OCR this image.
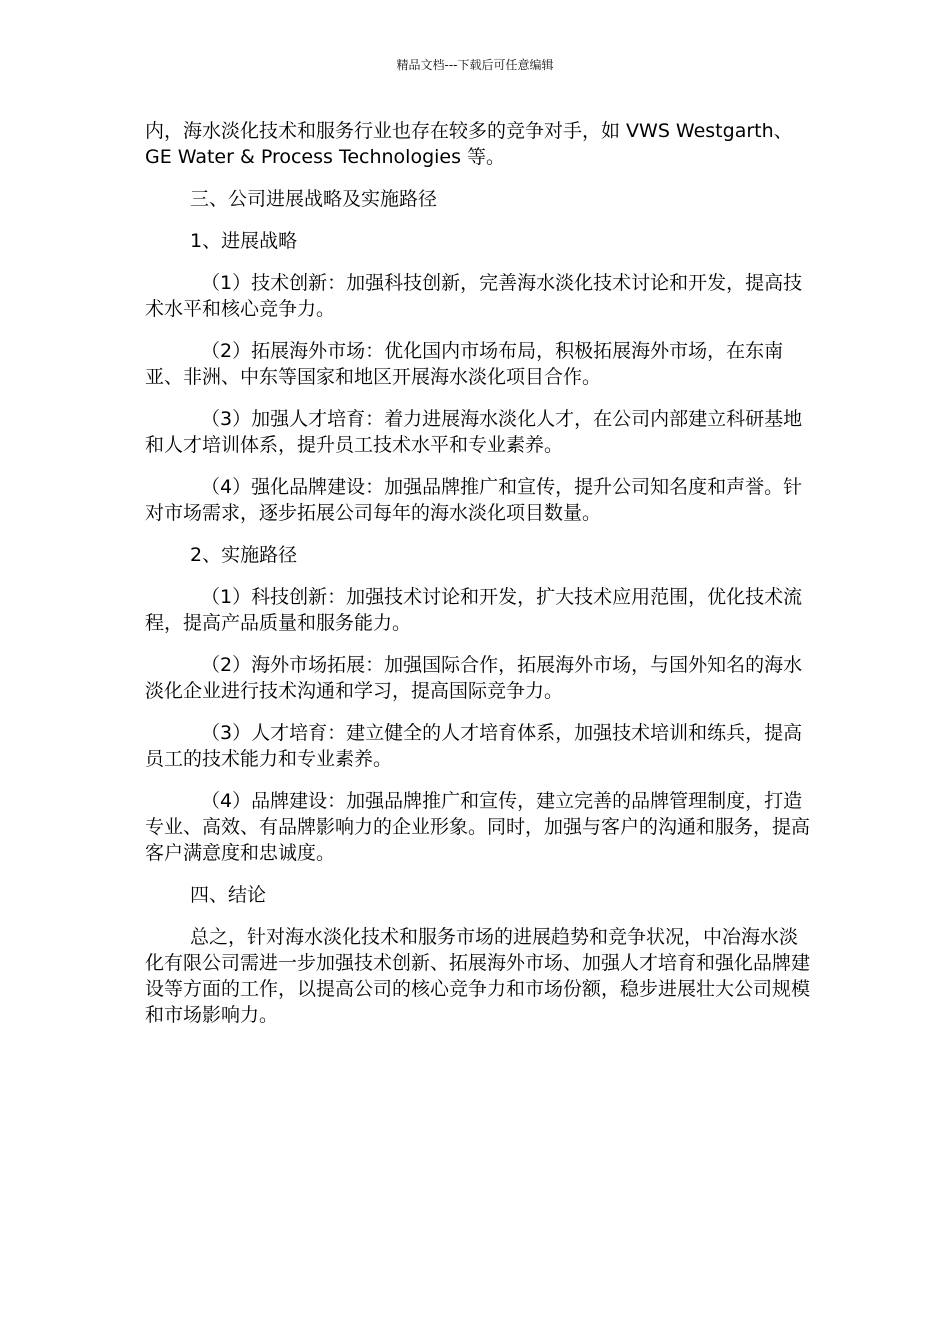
精品文档---下载后可任意编辑

内，海水淡化技术和服务行业也存在较多的竞争对手，如 VWS Westgarth、GE Water & Process Technologies 等。

三、公司进展战略及实施路径

1、进展战略

（1）技术创新：加强科技创新，完善海水淡化技术讨论和开发，提高技术水平和核心竞争力。

（2）拓展海外市场：优化国内市场布局，积极拓展海外市场，在东南亚、非洲、中东等国家和地区开展海水淡化项目合作。

（3）加强人才培育：着力进展海水淡化人才，在公司内部建立科研基地和人才培训体系，提升员工技术水平和专业素养。

（4）强化品牌建设：加强品牌推广和宣传，提升公司知名度和声誉。针对市场需求，逐步拓展公司每年的海水淡化项目数量。

2、实施路径

（1）科技创新：加强技术讨论和开发，扩大技术应用范围，优化技术流程，提高产品质量和服务能力。

（2）海外市场拓展：加强国际合作，拓展海外市场，与国外知名的海水淡化企业进行技术沟通和学习，提高国际竞争力。

（3）人才培育：建立健全的人才培育体系，加强技术培训和练兵，提高员工的技术能力和专业素养。

（4）品牌建设：加强品牌推广和宣传，建立完善的品牌管理制度，打造专业、高效、有品牌影响力的企业形象。同时，加强与客户的沟通和服务，提高客户满意度和忠诚度。

四、结论

总之，针对海水淡化技术和服务市场的进展趋势和竞争状况，中冶海水淡化有限公司需进一步加强技术创新、拓展海外市场、加强人才培育和强化品牌建设等方面的工作，以提高公司的核心竞争力和市场份额，稳步进展壮大公司规模和市场影响力。
